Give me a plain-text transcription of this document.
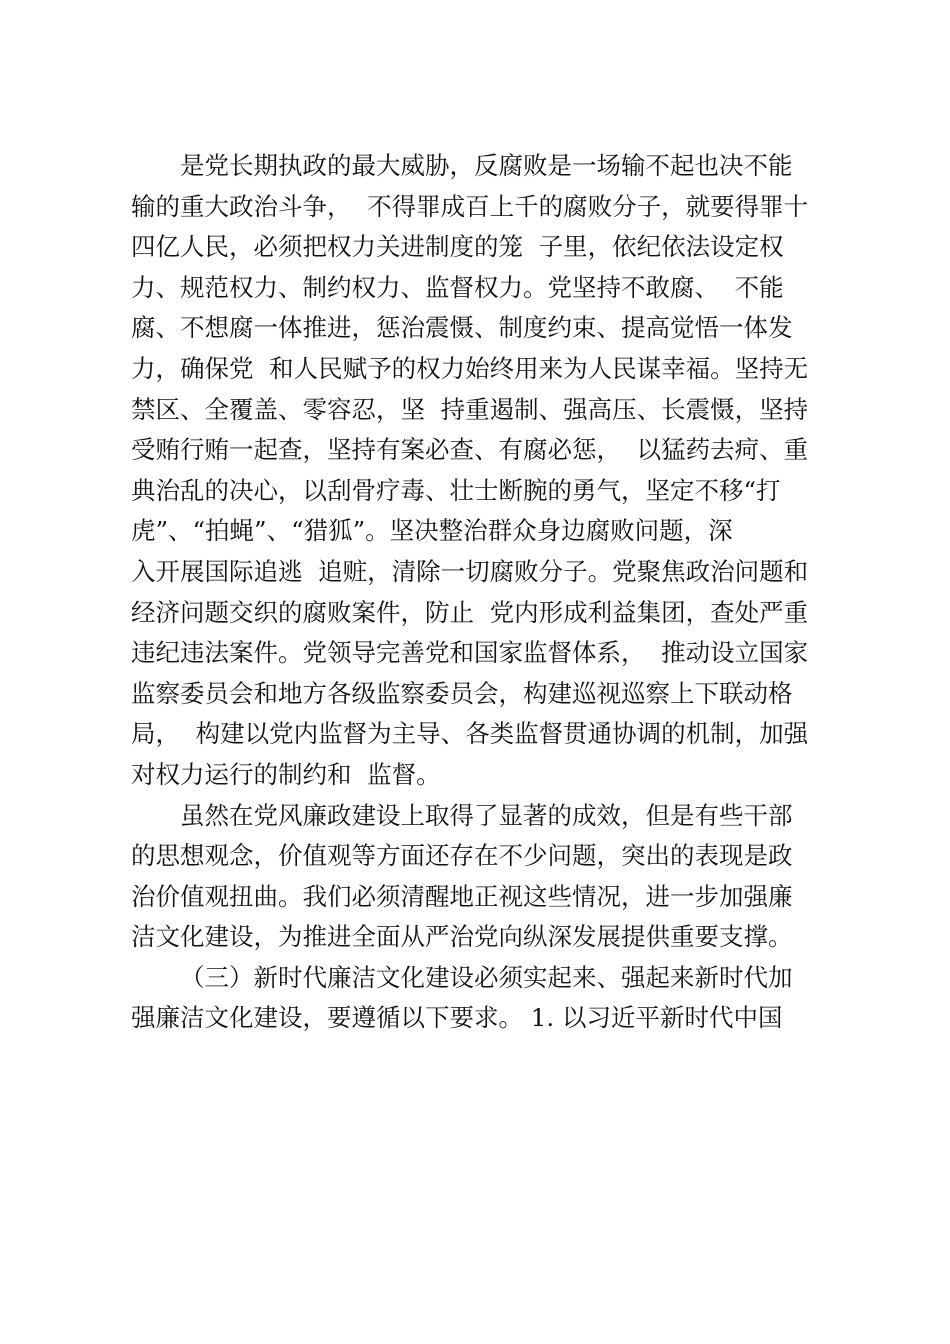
是党长期执政的最大威胁，反腐败是一场输不起也决不能
输的重大政治斗争，  不得罪成百上千的腐败分子，就要得罪十
四亿人民，必须把权力关进制度的笼  子里，依纪依法设定权
力、规范权力、制约权力、监督权力。党坚持不敢腐、  不能
腐、不想腐一体推进，惩治震慑、制度约束、提高觉悟一体发
力，确保党  和人民赋予的权力始终用来为人民谋幸福。坚持无
禁区、全覆盖、零容忍，坚  持重遏制、强高压、长震慑，坚持
受贿行贿一起查，坚持有案必查、有腐必惩，  以猛药去疴、重
典治乱的决心，以刮骨疗毒、壮士断腕的勇气，坚定不移“打
虎”、“拍蝇”、“猎狐”。坚决整治群众身边腐败问题，深
入开展国际追逃  追赃，清除一切腐败分子。党聚焦政治问题和
经济问题交织的腐败案件，防止  党内形成利益集团，查处严重
违纪违法案件。党领导完善党和国家监督体系，  推动设立国家
监察委员会和地方各级监察委员会，构建巡视巡察上下联动格
局，  构建以党内监督为主导、各类监督贯通协调的机制，加强
对权力运行的制约和  监督。
虽然在党风廉政建设上取得了显著的成效，但是有些干部
的思想观念，价值观等方面还存在不少问题，突出的表现是政
治价值观扭曲。我们必须清醒地正视这些情况，进一步加强廉
洁文化建设，为推进全面从严治党向纵深发展提供重要支撑。
（三）新时代廉洁文化建设必须实起来、强起来新时代加
强廉洁文化建设，要遵循以下要求。 1. 以习近平新时代中国
